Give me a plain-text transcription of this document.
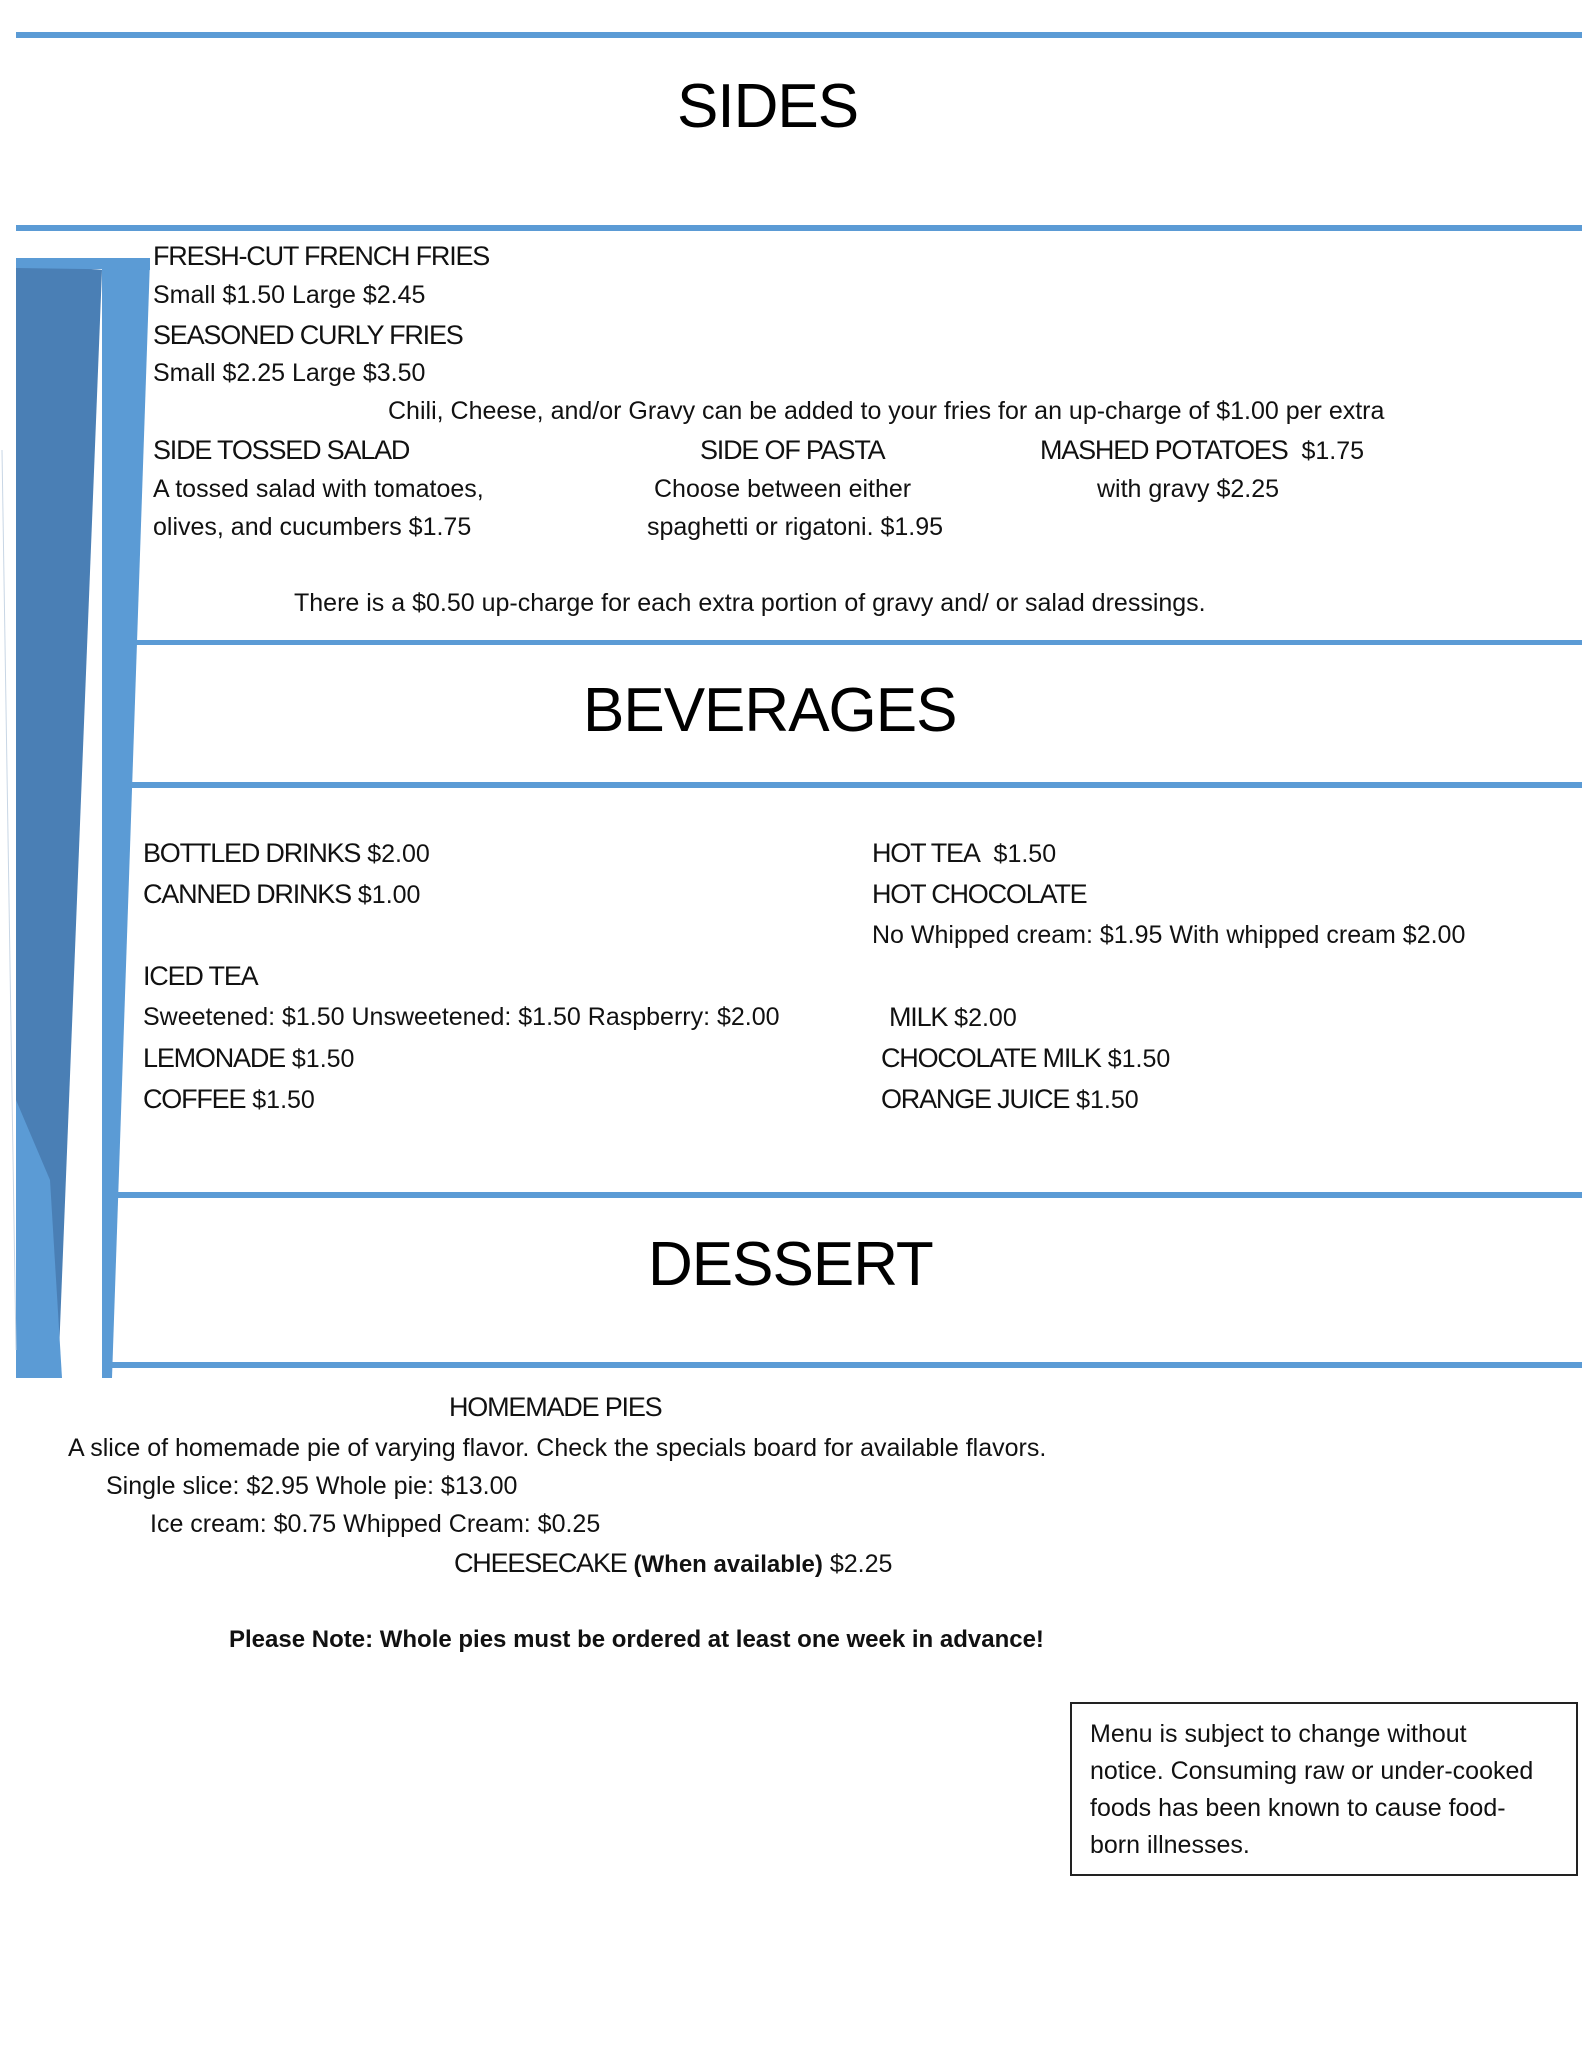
SIDES
FRESH-CUT FRENCH FRIES
Small $1.50 Large $2.45
SEASONED CURLY FRIES
Small $2.25 Large $3.50
Chili, Cheese, and/or Gravy can be added to your fries for an up-charge of $1.00 per extra
SIDE TOSSED SALAD
A tossed salad with tomatoes,
olives, and cucumbers $1.75
SIDE OF PASTA
Choose between either
spaghetti or rigatoni. $1.95
MASHED POTATOES $1.75
with gravy $2.25
There is a $0.50 up-charge for each extra portion of gravy and/ or salad dressings.
BEVERAGES
BOTTLED DRINKS $2.00
CANNED DRINKS $1.00
ICED TEA
Sweetened: $1.50 Unsweetened: $1.50 Raspberry: $2.00
LEMONADE $1.50
COFFEE $1.50
HOT TEA $1.50
HOT CHOCOLATE
No Whipped cream: $1.95 With whipped cream $2.00
MILK $2.00
CHOCOLATE MILK $1.50
ORANGE JUICE $1.50
DESSERT
HOMEMADE PIES
A slice of homemade pie of varying flavor. Check the specials board for available flavors.
Single slice: $2.95 Whole pie: $13.00
Ice cream: $0.75 Whipped Cream: $0.25
CHEESECAKE (When available) $2.25
Please Note: Whole pies must be ordered at least one week in advance!
Menu is subject to change without
notice. Consuming raw or under-cooked
foods has been known to cause food-
born illnesses.
